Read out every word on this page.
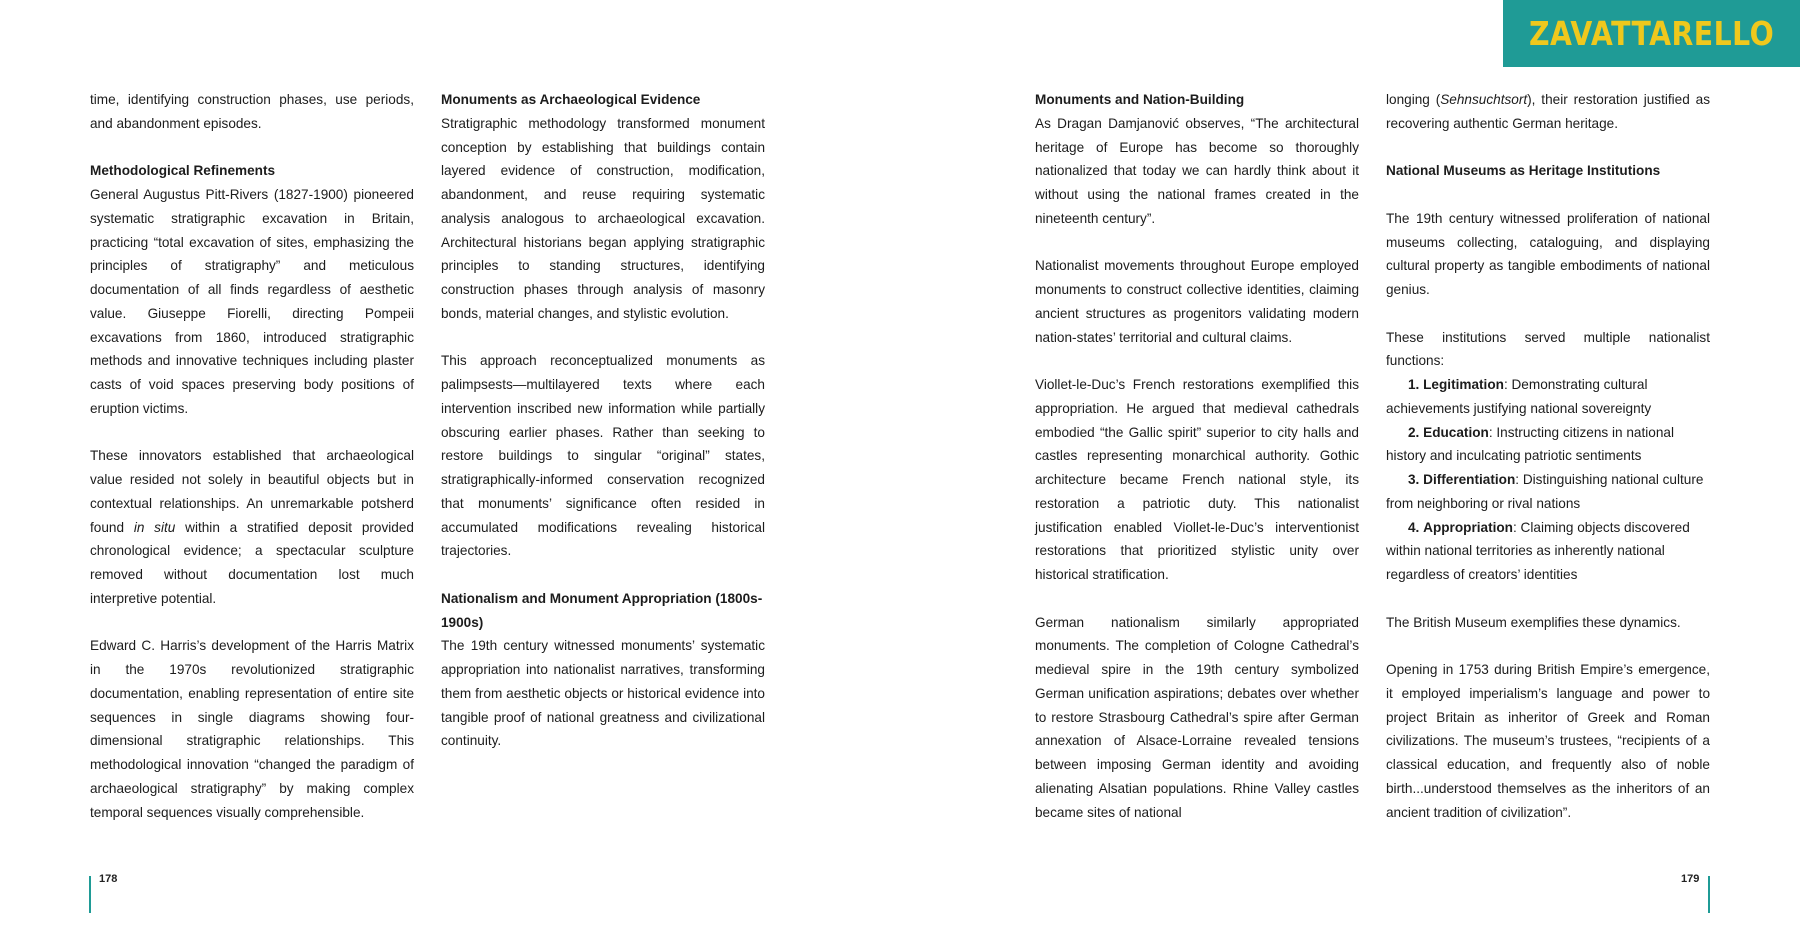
ZAVATTARELLO

time, identifying construction phases, use periods, and abandonment episodes.

Methodological Refinements

General Augustus Pitt-Rivers (1827-1900) pioneered systematic stratigraphic excavation in Britain, practicing “total excavation of sites, emphasizing the principles of stratigraphy” and meticulous documentation of all finds regardless of aesthetic value. Giuseppe Fiorelli, directing Pompeii excavations from 1860, introduced stratigraphic methods and innovative techniques including plaster casts of void spaces preserving body positions of eruption victims.

These innovators established that archaeological value resided not solely in beautiful objects but in contextual relationships. An unremarkable potsherd found in situ within a stratified deposit provided chronological evidence; a spectacular sculpture removed without documentation lost much interpretive potential.

Edward C. Harris’s development of the Harris Matrix in the 1970s revolutionized stratigraphic documentation, enabling representation of entire site sequences in single diagrams showing four-dimensional stratigraphic relationships. This methodological innovation “changed the paradigm of archaeological stratigraphy” by making complex temporal sequences visually comprehensible.

Monuments as Archaeological Evidence

Stratigraphic methodology transformed monument conception by establishing that buildings contain layered evidence of construction, modification, abandonment, and reuse requiring systematic analysis analogous to archaeological excavation. Architectural historians began applying stratigraphic principles to standing structures, identifying construction phases through analysis of masonry bonds, material changes, and stylistic evolution.

This approach reconceptualized monuments as palimpsests—multilayered texts where each intervention inscribed new information while partially obscuring earlier phases. Rather than seeking to restore buildings to singular “original” states, stratigraphically-informed conservation recognized that monuments’ significance often resided in accumulated modifications revealing historical trajectories.

Nationalism and Monument Appropriation (1800s-1900s)

The 19th century witnessed monuments’ systematic appropriation into nationalist narratives, transforming them from aesthetic objects or historical evidence into tangible proof of national greatness and civilizational continuity.

Monuments and Nation-Building

As Dragan Damjanović observes, “The architectural heritage of Europe has become so thoroughly nationalized that today we can hardly think about it without using the national frames created in the nineteenth century”.

Nationalist movements throughout Europe employed monuments to construct collective identities, claiming ancient structures as progenitors validating modern nation-states’ territorial and cultural claims.

Viollet-le-Duc’s French restorations exemplified this appropriation. He argued that medieval cathedrals embodied “the Gallic spirit” superior to city halls and castles representing monarchical authority. Gothic architecture became French national style, its restoration a patriotic duty. This nationalist justification enabled Viollet-le-Duc’s interventionist restorations that prioritized stylistic unity over historical stratification.

German nationalism similarly appropriated monuments. The completion of Cologne Cathedral’s medieval spire in the 19th century symbolized German unification aspirations; debates over whether to restore Strasbourg Cathedral’s spire after German annexation of Alsace-Lorraine revealed tensions between imposing German identity and avoiding alienating Alsatian populations. Rhine Valley castles became sites of national

longing (Sehnsuchtsort), their restoration justified as recovering authentic German heritage.

National Museums as Heritage Institutions

The 19th century witnessed proliferation of national museums collecting, cataloguing, and displaying cultural property as tangible embodiments of national genius.

These institutions served multiple nationalist functions:

1. Legitimation: Demonstrating cultural achievements justifying national sovereignty

2. Education: Instructing citizens in national history and inculcating patriotic sentiments

3. Differentiation: Distinguishing national culture from neighboring or rival nations

4. Appropriation: Claiming objects discovered within national territories as inherently national regardless of creators’ identities

The British Museum exemplifies these dynamics.

Opening in 1753 during British Empire’s emergence, it employed imperialism’s language and power to project Britain as inheritor of Greek and Roman civilizations. The museum’s trustees, “recipients of a classical education, and frequently also of noble birth...understood themselves as the inheritors of an ancient tradition of civilization”.

178	179
